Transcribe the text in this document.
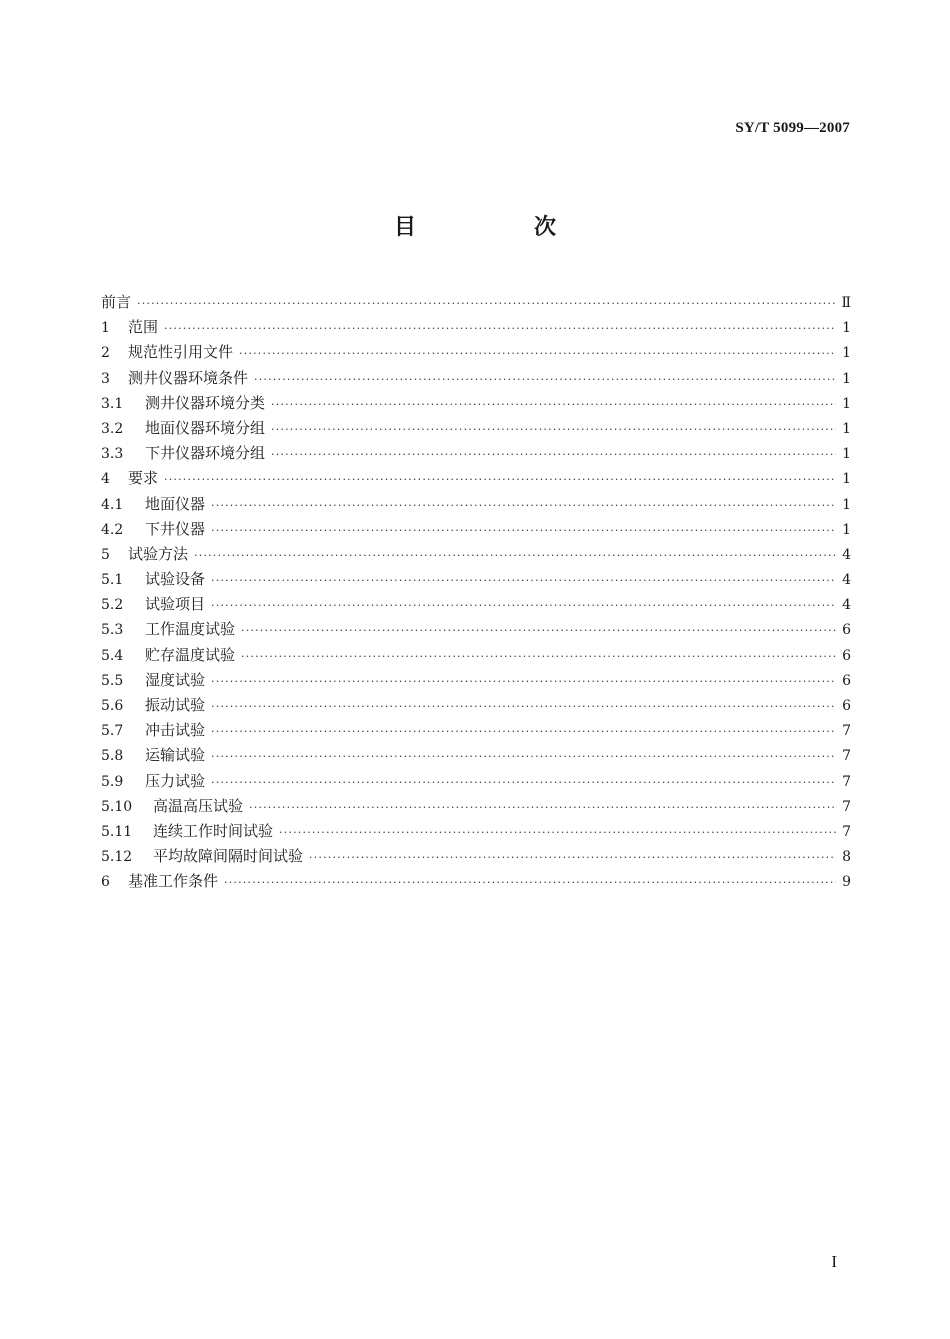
SY/T 5099—2007
目　次
前言 ·····	Ⅱ
1	范围 ·····	1
2	规范性引用文件 ·····	1
3	测井仪器环境条件 ·····	1
3.1	测井仪器环境分类 ·····	1
3.2	地面仪器环境分组 ·····	1
3.3	下井仪器环境分组 ·····	1
4	要求 ·····	1
4.1	地面仪器 ·····	1
4.2	下井仪器 ·····	1
5	试验方法 ·····	4
5.1	试验设备 ·····	4
5.2	试验项目 ·····	4
5.3	工作温度试验 ·····	6
5.4	贮存温度试验 ·····	6
5.5	湿度试验 ·····	6
5.6	振动试验 ·····	6
5.7	冲击试验 ·····	7
5.8	运输试验 ·····	7
5.9	压力试验 ·····	7
5.10	高温高压试验 ·····	7
5.11	连续工作时间试验 ·····	7
5.12	平均故障间隔时间试验 ·····	8
6	基准工作条件 ·····	9
I
